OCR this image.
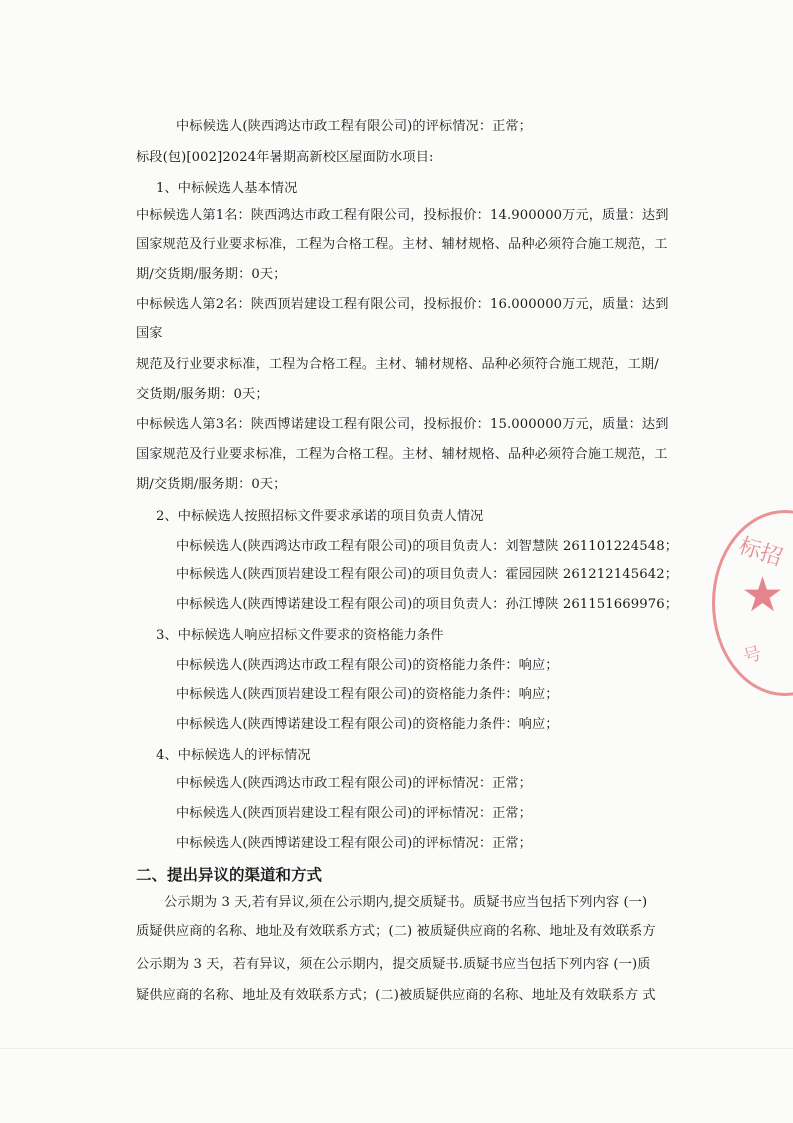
中标候选人(陕西鸿达市政工程有限公司)的评标情况：正常；
标段(包)[002]2024年暑期高新校区屋面防水项目:
1、中标候选人基本情况
中标候选人第1名：陕西鸿达市政工程有限公司，投标报价：14.900000万元，质量：达到
国家规范及行业要求标准，工程为合格工程。主材、辅材规格、品种必须符合施工规范，工
期/交货期/服务期：0天；
中标候选人第2名：陕西顶岩建设工程有限公司，投标报价：16.000000万元，质量：达到
国家
规范及行业要求标准，工程为合格工程。主材、辅材规格、品种必须符合施工规范，工期/
交货期/服务期：0天；
中标候选人第3名：陕西博诺建设工程有限公司，投标报价：15.000000万元，质量：达到
国家规范及行业要求标准，工程为合格工程。主材、辅材规格、品种必须符合施工规范，工
期/交货期/服务期：0天；
2、中标候选人按照招标文件要求承诺的项目负责人情况
中标候选人(陕西鸿达市政工程有限公司)的项目负责人：刘智慧陕 261101224548；
中标候选人(陕西顶岩建设工程有限公司)的项目负责人：霍园园陕 261212145642；
中标候选人(陕西博诺建设工程有限公司)的项目负责人：孙江博陕 261151669976；
3、中标候选人响应招标文件要求的资格能力条件
中标候选人(陕西鸿达市政工程有限公司)的资格能力条件：响应；
中标候选人(陕西顶岩建设工程有限公司)的资格能力条件：响应；
中标候选人(陕西博诺建设工程有限公司)的资格能力条件：响应；
4、中标候选人的评标情况
中标候选人(陕西鸿达市政工程有限公司)的评标情况：正常；
中标候选人(陕西顶岩建设工程有限公司)的评标情况：正常；
中标候选人(陕西博诺建设工程有限公司)的评标情况：正常；
二、提出异议的渠道和方式
公示期为 3 天,若有异议,须在公示期内,提交质疑书。质疑书应当包括下列内容 (一)
质疑供应商的名称、地址及有效联系方式；(二) 被质疑供应商的名称、地址及有效联系方
公示期为 3 天，若有异议，须在公示期内，提交质疑书.质疑书应当包括下列内容 (一)质
疑供应商的名称、地址及有效联系方式；(二)被质疑供应商的名称、地址及有效联系方 式
标招
★
号
